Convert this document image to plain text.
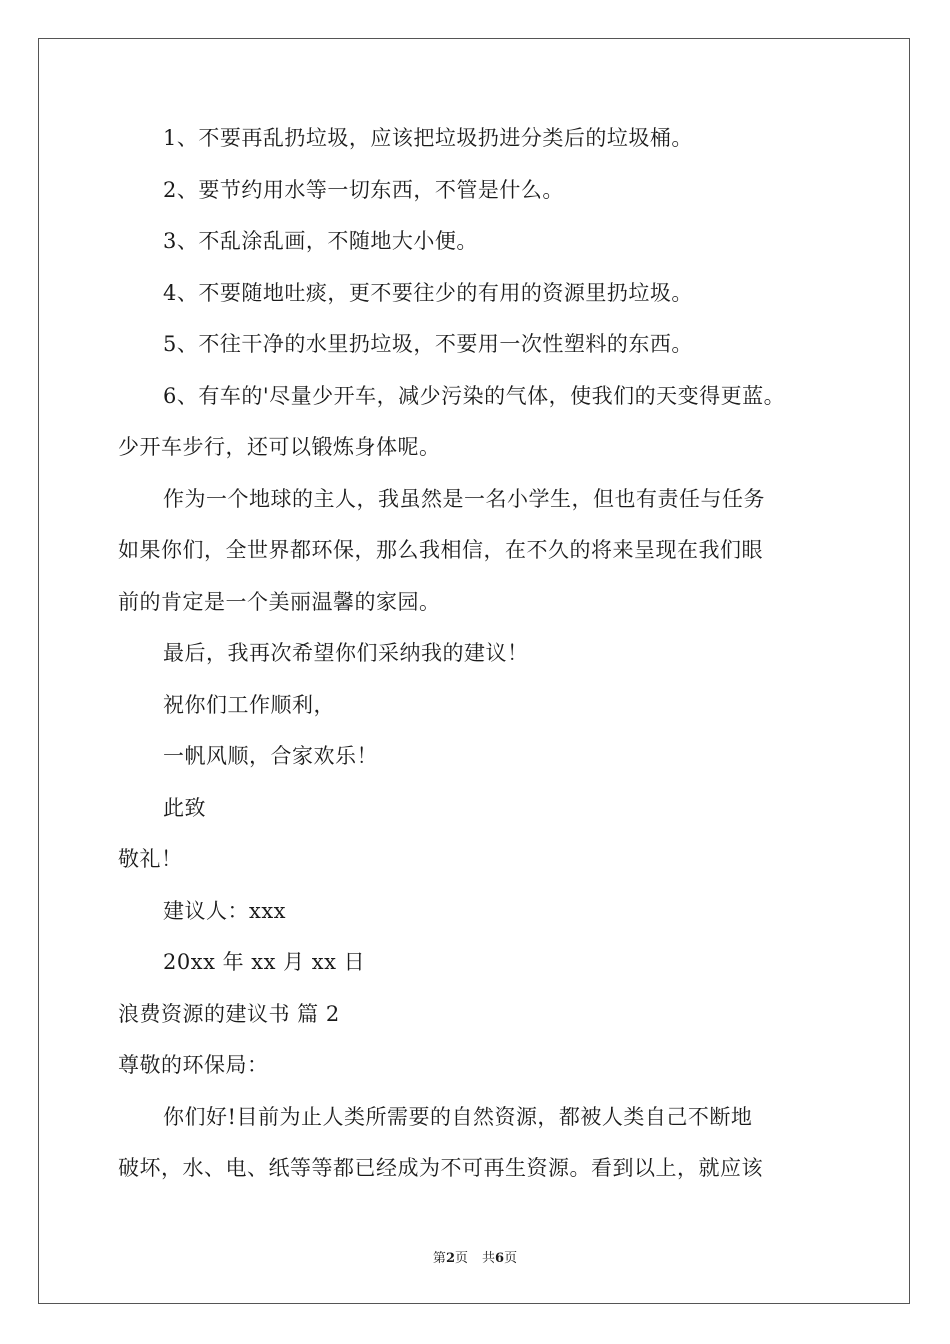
1、不要再乱扔垃圾，应该把垃圾扔进分类后的垃圾桶。
2、要节约用水等一切东西，不管是什么。
3、不乱涂乱画，不随地大小便。
4、不要随地吐痰，更不要往少的有用的资源里扔垃圾。
5、不往干净的水里扔垃圾，不要用一次性塑料的东西。
6、有车的'尽量少开车，减少污染的气体，使我们的天变得更蓝。
少开车步行，还可以锻炼身体呢。
作为一个地球的主人，我虽然是一名小学生，但也有责任与任务
如果你们，全世界都环保，那么我相信，在不久的将来呈现在我们眼
前的肯定是一个美丽温馨的家园。
最后，我再次希望你们采纳我的建议！
祝你们工作顺利，
一帆风顺，合家欢乐！
此致
敬礼！
建议人：xxx
20xx 年 xx 月 xx 日
浪费资源的建议书 篇 2
尊敬的环保局：
你们好!目前为止人类所需要的自然资源，都被人类自己不断地
破坏，水、电、纸等等都已经成为不可再生资源。看到以上，就应该
第2页 共6页
